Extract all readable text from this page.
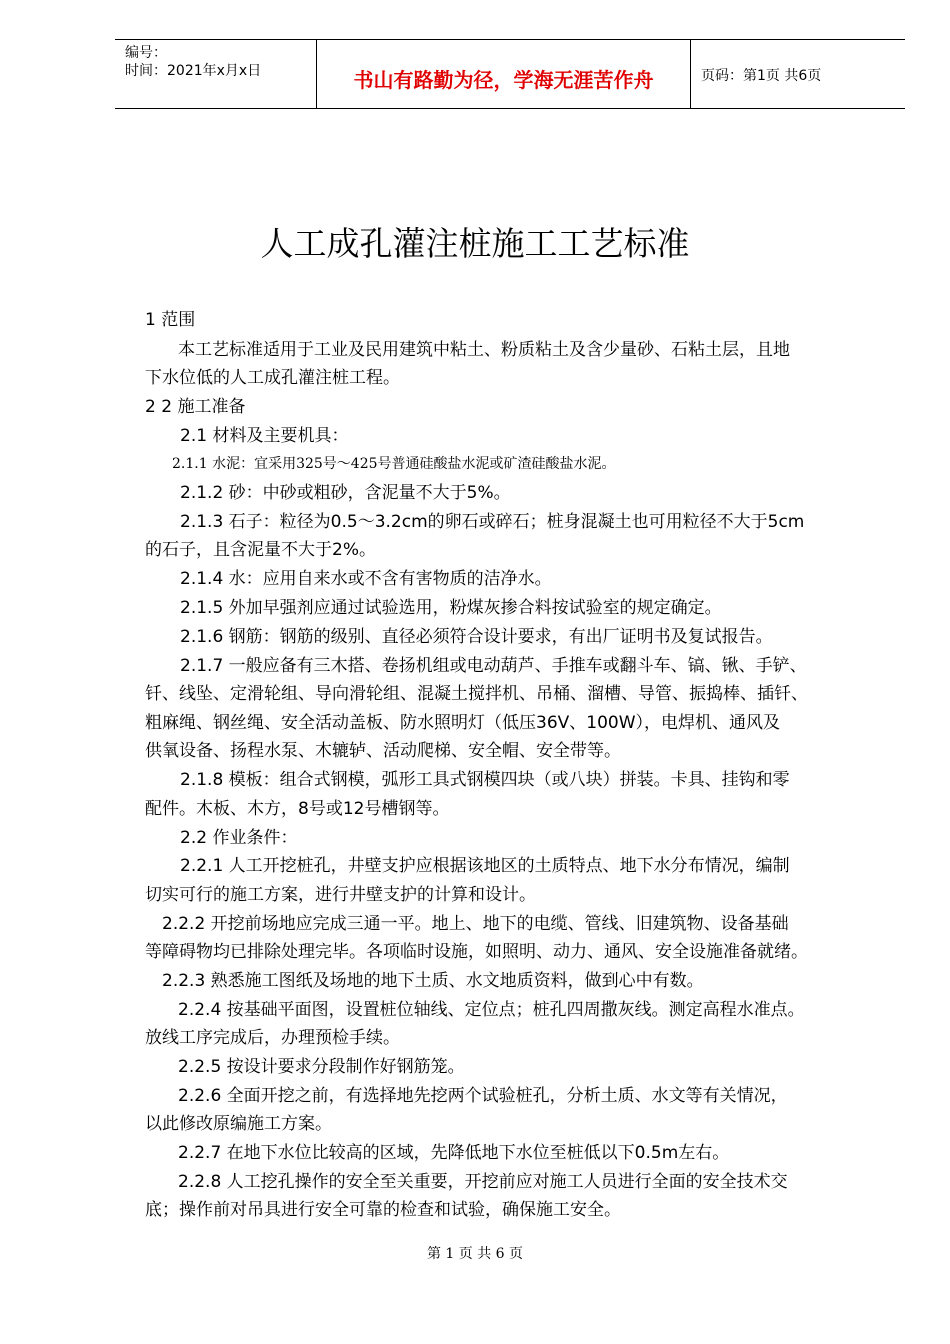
编号：
时间：2021年x月x日	书山有路勤为径，学海无涯苦作舟	页码：第1页 共6页
人工成孔灌注桩施工工艺标准
1 范围
本工艺标准适用于工业及民用建筑中粘土、粉质粘土及含少量砂、石粘土层，且地
下水位低的人工成孔灌注桩工程。
2 2 施工准备
2.1 材料及主要机具：
2.1.1 水泥：宜采用325号～425号普通硅酸盐水泥或矿渣硅酸盐水泥。
2.1.2 砂：中砂或粗砂，含泥量不大于5%。
2.1.3 石子：粒径为0.5～3.2cm的卵石或碎石；桩身混凝土也可用粒径不大于5cm
的石子，且含泥量不大于2%。
2.1.4 水：应用自来水或不含有害物质的洁净水。
2.1.5 外加早强剂应通过试验选用，粉煤灰掺合料按试验室的规定确定。
2.1.6 钢筋：钢筋的级别、直径必须符合设计要求，有出厂证明书及复试报告。
2.1.7 一般应备有三木搭、卷扬机组或电动葫芦、手推车或翻斗车、镐、锹、手铲、
钎、线坠、定滑轮组、导向滑轮组、混凝土搅拌机、吊桶、溜槽、导管、振捣棒、插钎、
粗麻绳、钢丝绳、安全活动盖板、防水照明灯（低压36V、100W），电焊机、通风及
供氧设备、扬程水泵、木辘轳、活动爬梯、安全帽、安全带等。
2.1.8 模板：组合式钢模，弧形工具式钢模四块（或八块）拼装。卡具、挂钩和零
配件。木板、木方，8号或12号槽钢等。
2.2 作业条件：
2.2.1 人工开挖桩孔，井壁支护应根据该地区的土质特点、地下水分布情况，编制
切实可行的施工方案，进行井壁支护的计算和设计。
2.2.2 开挖前场地应完成三通一平。地上、地下的电缆、管线、旧建筑物、设备基础
等障碍物均已排除处理完毕。各项临时设施，如照明、动力、通风、安全设施准备就绪。
2.2.3 熟悉施工图纸及场地的地下土质、水文地质资料，做到心中有数。
2.2.4 按基础平面图，设置桩位轴线、定位点；桩孔四周撒灰线。测定高程水准点。
放线工序完成后，办理预检手续。
2.2.5 按设计要求分段制作好钢筋笼。
2.2.6 全面开挖之前，有选择地先挖两个试验桩孔，分析土质、水文等有关情况，
以此修改原编施工方案。
2.2.7 在地下水位比较高的区域，先降低地下水位至桩低以下0.5m左右。
2.2.8 人工挖孔操作的安全至关重要，开挖前应对施工人员进行全面的安全技术交
底；操作前对吊具进行安全可靠的检查和试验，确保施工安全。
第 1 页 共 6 页
